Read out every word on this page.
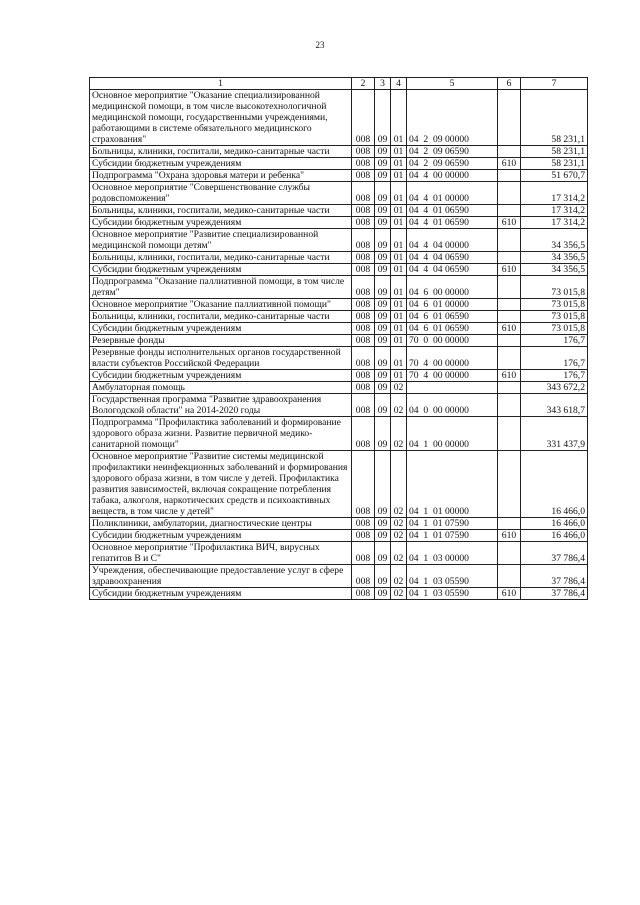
23
1	2	3	4	5	6	7
Основное мероприятие "Оказание специализированной медицинской помощи, в том числе высокотехнологичной медицинской помощи, государственными учреждениями, работающими в системе обязательного медицинского страхования"	008	09	01	04  2  09 00000		58 231,1
Больницы, клиники, госпитали, медико-санитарные части	008	09	01	04  2  09 06590		58 231,1
Субсидии бюджетным учреждениям	008	09	01	04  2  09 06590	610	58 231,1
Подпрограмма "Охрана здоровья матери и ребенка"	008	09	01	04  4  00 00000		51 670,7
Основное мероприятие "Совершенствование службы родовспоможения"	008	09	01	04  4  01 00000		17 314,2
Больницы, клиники, госпитали, медико-санитарные части	008	09	01	04  4  01 06590		17 314,2
Субсидии бюджетным учреждениям	008	09	01	04  4  01 06590	610	17 314,2
Основное мероприятие "Развитие специализированной медицинской помощи детям"	008	09	01	04  4  04 00000		34 356,5
Больницы, клиники, госпитали, медико-санитарные части	008	09	01	04  4  04 06590		34 356,5
Субсидии бюджетным учреждениям	008	09	01	04  4  04 06590	610	34 356,5
Подпрограмма "Оказание паллиативной помощи, в том числе детям"	008	09	01	04  6  00 00000		73 015,8
Основное мероприятие "Оказание паллиативной помощи"	008	09	01	04  6  01 00000		73 015,8
Больницы, клиники, госпитали, медико-санитарные части	008	09	01	04  6  01 06590		73 015,8
Субсидии бюджетным учреждениям	008	09	01	04  6  01 06590	610	73 015,8
Резервные фонды	008	09	01	70  0  00 00000		176,7
Резервные фонды исполнительных органов государственной власти субъектов Российской Федерации	008	09	01	70  4  00 00000		176,7
Субсидии бюджетным учреждениям	008	09	01	70  4  00 00000	610	176,7
Амбулаторная помощь	008	09	02			343 672,2
Государственная программа "Развитие здравоохранения Вологодской области" на 2014-2020 годы	008	09	02	04  0  00 00000		343 618,7
Подпрограмма "Профилактика заболеваний и формирование здорового образа жизни. Развитие первичной медико-санитарной помощи"	008	09	02	04  1  00 00000		331 437,9
Основное мероприятие "Развитие системы медицинской профилактики неинфекционных заболеваний и формирования здорового образа жизни, в том числе у детей. Профилактика развития зависимостей, включая сокращение потребления табака, алкоголя, наркотических средств и психоактивных веществ, в том числе у детей"	008	09	02	04  1  01 00000		16 466,0
Поликлиники, амбулатории, диагностические центры	008	09	02	04  1  01 07590		16 466,0
Субсидии бюджетным учреждениям	008	09	02	04  1  01 07590	610	16 466,0
Основное мероприятие "Профилактика ВИЧ, вирусных гепатитов В и С"	008	09	02	04  1  03 00000		37 786,4
Учреждения, обеспечивающие предоставление услуг в сфере здравоохранения	008	09	02	04  1  03 05590		37 786,4
Субсидии бюджетным учреждениям	008	09	02	04  1  03 05590	610	37 786,4
